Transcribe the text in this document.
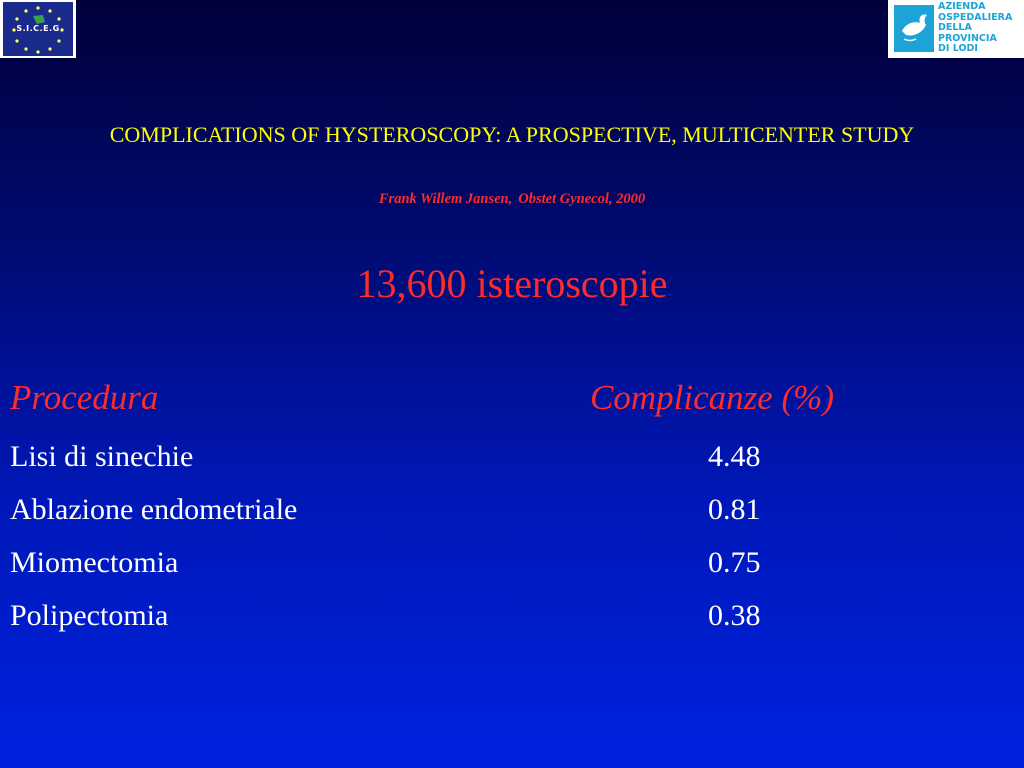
S.I.C.E.G
AZIENDA
OSPEDALIERA
DELLA
PROVINCIA
DI LODI
COMPLICATIONS OF HYSTEROSCOPY: A PROSPECTIVE, MULTICENTER STUDY
Frank Willem Jansen, Obstet Gynecol, 2000
13,600 isteroscopie
Procedura	Complicanze (%)
Lisi di sinechie	4.48
Ablazione endometriale	0.81
Miomectomia	0.75
Polipectomia	0.38
